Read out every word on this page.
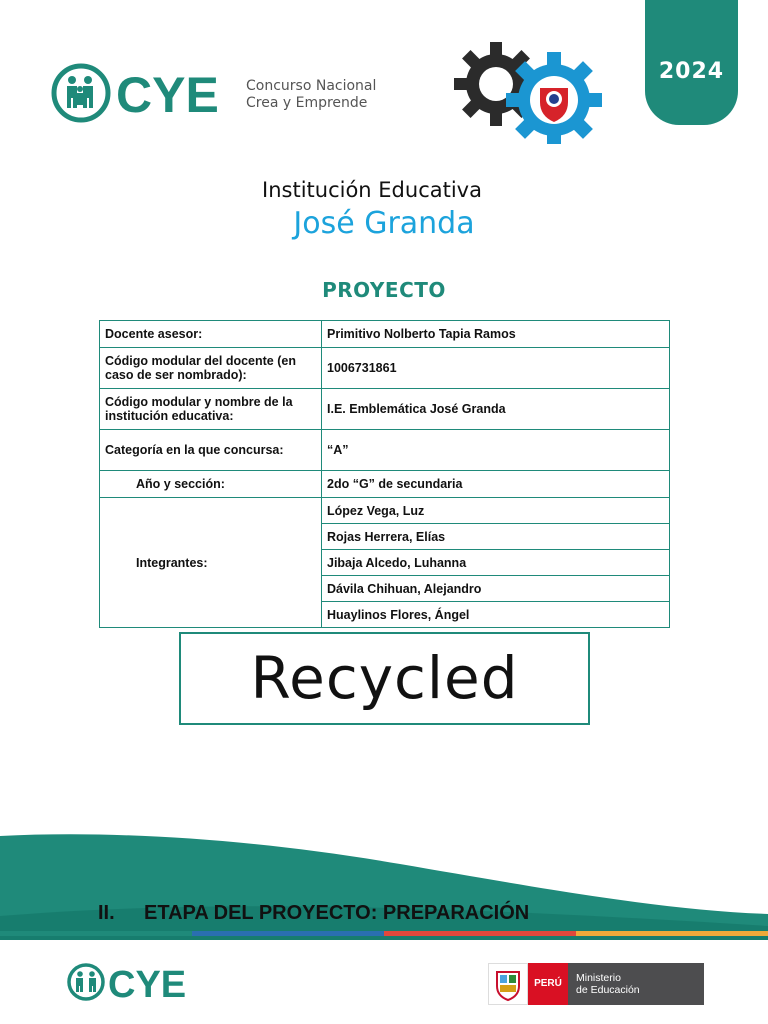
2024
CYE Concurso Nacional
Crea y Emprende
Institución Educativa
José Granda
PROYECTO
Docente asesor:	Primitivo Nolberto Tapia Ramos
Código modular del docente (en caso de ser nombrado):	1006731861
Código modular y nombre de la institución educativa:	I.E. Emblemática José Granda
Categoría en la que concursa:	“A”
Año y sección:	2do “G” de secundaria
Integrantes:	López Vega, Luz
	Rojas Herrera, Elías
	Jibaja Alcedo, Luhanna
	Dávila Chihuan, Alejandro
	Huaylinos Flores, Ángel
Recycled
II. ETAPA DEL PROYECTO: PREPARACIÓN
CYE	PERÚ	Ministerio
de Educación
